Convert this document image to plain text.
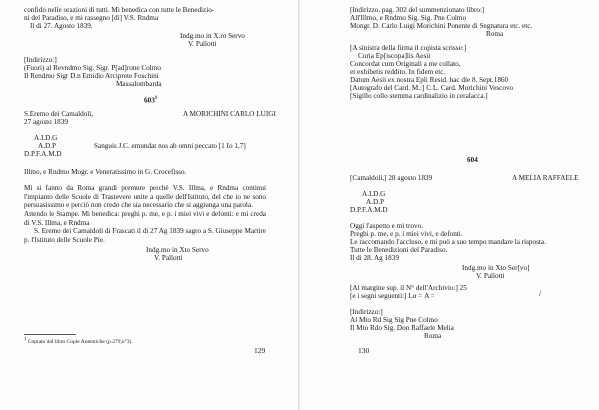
confido nelle orazioni di tutti. Mi benedica con tutte le Benedizio-
ni del Paradiso, e mi rassegno [di] V.S. Rndma
Il di 27. Agosto 1839.
Indg.mo in X.ro Servo
V. Pallotti
[Indirizzo:]
(Fuori) al Revndmo Sig. Sigr. P[ad]rone Colmo
Il Rendmo Sigr D.n Emidio Arciprete Foschini
Massalombarda
$603^1$
S.Eremo dei Camaldoli,
27 agosto 1839
A MORICHINI CARLO LUIGI
A.I.D.G
A.D.P
D.P.F.A.M.D
Sanguis J.C. emundat nos ab omni peccato [1 Io 1,7]
Illmo, e Rndmo Mogr. e Veneratissimo in G. Crocefisso.
Mi si fanno da Roma grandi premure perchè V.S. Illma, e Rndma continui l'impianto delle Scuole di Trastevere unite a quelle dell'Istituto, del che io ne sono persuasissimo e perciò non credo che sia necessario che si aggiunga una parola.
Attendo le Stampe. Mi benedica: preghi p. me, e p. i miei vivi e defonti: e mi creda di V.S. Illma, e Rndma
S. Eremo dei Camaldoli di Frascati il di 27 Ag 1839 sagro a S. Giuseppe Martire p. l'Istituto delle Scuole Pie.
Indg.mo in Xto Servo
V. Pallotti
$^1$ Copiato dal libro Copie Autentiche (p.279,n°3).
129
[Indirizzo, pag. 302 del summenzionato libro:]
All'Illmo, e Rndmo Sig. Sig. Pne Colmo
Mongr. D. Carlo Luigi Morichini Ponente di Segnatura etc. etc.
Roma
[A sinistra della firma il copista scrisse:]
Curia Ep[iscopa]lis Aesii
Concordat cum Originali a me collato,
et exhibetis reddito. In fidem etc.
Datum Aesii ex nostra Epli Resid. hac die 8. Sept.1860
[Autografo del Card. M.:] C.L. Card. Morichini Vescovo
[Sigillo collo stemma cardinalizio in ceralacca.]
604
[Camaldoli,] 28 agosto 1839	A MELIA RAFFAELE
A.I.D.G
A.D.P
D.P.F.A.M.D
Oggi l'aspetto e mi trovo.
Preghi p. me, e p. i miei vivi, e defonti.
Le raccomando l'accluso, e mi può a suo tempo mandare la risposta.
Tutte le Benedizioni del Paradiso.
Il di 28. Ag 1839
Indg.mo in Xto Ser[vo]
V. Pallotti
[Al margine sup. il N° dell'Archivio:] 25
[e i segni seguenti:] Lα = A =	/
[Indirizzo:]
Al Mto Rd Sig Sig Pne Colmo
Il Mto Rdo Sig. Don Raffaele Melia
Roma
130
